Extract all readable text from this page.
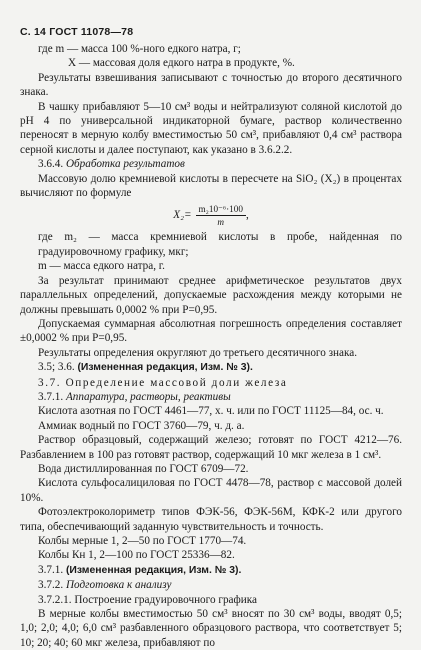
С. 14 ГОСТ 11078—78

где m — масса 100 %-ного едкого натра, г;

X — массовая доля едкого натра в продукте, %.

Результаты взвешивания записывают с точностью до второго десятичного знака.

В чашку прибавляют 5—10 см³ воды и нейтрализуют соляной кислотой до pH 4 по универсальной индикаторной бумаге, раствор количественно переносят в мерную колбу вместимостью 50 см³, прибавляют 0,4 см³ раствора серной кислоты и далее поступают, как указано в 3.6.2.2.

3.6.4. Обработка результатов

Массовую долю кремниевой кислоты в пересчете на SiO₂ (X₂) в процентах вычисляют по формуле

$X_2= \frac{\text{m₂10⁻⁶·100}}{m}$ ,

где m₂ — масса кремниевой кислоты в пробе, найденная по градуировочному графику, мкг;

m — масса едкого натра, г.

За результат принимают среднее арифметическое результатов двух параллельных определений, допускаемые расхождения между которыми не должны превышать 0,0002 % при P=0,95.

Допускаемая суммарная абсолютная погрешность определения составляет ±0,0002 % при P=0,95.

Результаты определения округляют до третьего десятичного знака.

3.5; 3.6. (Измененная редакция, Изм. № 3).

3.7. Определение массовой доли железа

3.7.1. Аппаратура, растворы, реактивы

Кислота азотная по ГОСТ 4461—77, х. ч. или по ГОСТ 11125—84, ос. ч.

Аммиак водный по ГОСТ 3760—79, ч. д. а.

Раствор образцовый, содержащий железо; готовят по ГОСТ 4212—76. Разбавлением в 100 раз готовят раствор, содержащий 10 мкг железа в 1 см³.

Вода дистиллированная по ГОСТ 6709—72.

Кислота сульфосалициловая по ГОСТ 4478—78, раствор с массовой долей 10%.

Фотоэлектроколориметр типов ФЭК-56, ФЭК-56М, КФК-2 или другого типа, обеспечивающий заданную чувствительность и точность.

Колбы мерные 1, 2—50 по ГОСТ 1770—74.

Колбы Кн 1, 2—100 по ГОСТ 25336—82.

3.7.1. (Измененная редакция, Изм. № 3).

3.7.2. Подготовка к анализу

3.7.2.1. Построение градуировочного графика

В мерные колбы вместимостью 50 см³ вносят по 30 см³ воды, вводят 0,5; 1,0; 2,0; 4,0; 6,0 см³ разбавленного образцового раствора, что соответствует 5; 10; 20; 40; 60 мкг железа, прибавляют по
